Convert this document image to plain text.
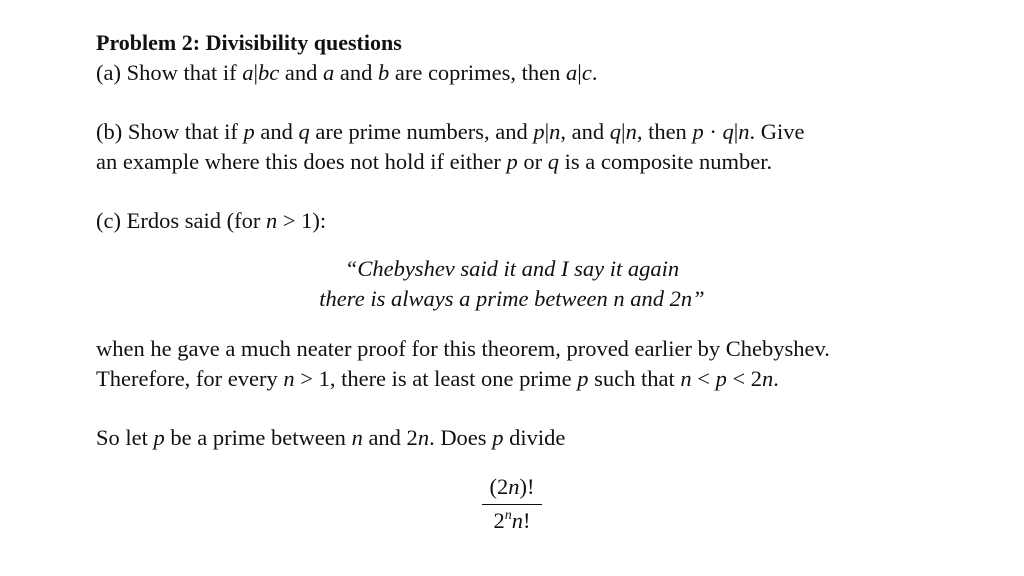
Problem 2: Divisibility questions
(a) Show that if a|bc and a and b are coprimes, then a|c.
(b) Show that if p and q are prime numbers, and p|n, and q|n, then p · q|n. Give
an example where this does not hold if either p or q is a composite number.
(c) Erdos said (for n > 1):
“Chebyshev said it and I say it again
there is always a prime between n and 2n”
when he gave a much neater proof for this theorem, proved earlier by Chebyshev.
Therefore, for every n > 1, there is at least one prime p such that n < p < 2n.
So let p be a prime between n and 2n. Does p divide
(2n)!
2$^n$n!
